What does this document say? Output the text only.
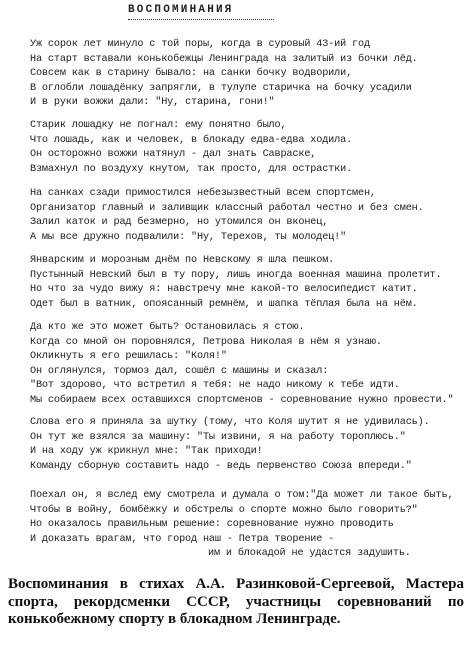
ВОСПОМИНАНИЯ
Уж сорок лет минуло с той поры, когда в суровый 43-ий год
На старт вставали конькобежцы Ленинграда на залитый из бочки лёд.
Совсем как в старину бывало: на санки бочку водворили,
В оглобли лошадёнку запрягли, в тулупе старичка на бочку усадили
И в руки вожжи дали: "Ну, старина, гони!"
Старик лошадку не погнал: ему понятно было,
Что лошадь, как и человек, в блокаду едва-едва ходила.
Он осторожно вожжи натянул - дал знать Савраске,
Взмахнул по воздуху кнутом, так просто, для острастки.
На санках сзади примостился небезызвестный всем спортсмен,
Организатор главный и заливщик классный работал честно и без смен.
Залил каток и рад безмерно, но утомился он вконец,
А мы все дружно подвалили: "Ну, Терехов, ты молодец!"
Январским и морозным днём по Невскому я шла пешком.
Пустынный Невский был в ту пору, лишь иногда военная машина пролетит.
Но что за чудо вижу я: навстречу мне какой-то велосипедист катит.
Одет был в ватник, опоясанный ремнём, и шапка тёплая была на нём.
Да кто же это может быть? Остановилась я стою.
Когда со мной он поровнялся, Петрова Николая в нём я узнаю.
Окликнуть я его решилась: "Коля!"
Он оглянулся, тормоз дал, сошёл с машины и сказал:
"Вот здорово, что встретил я тебя: не надо никому к тебе идти.
Мы собираем всех оставшихся спортсменов - соревнование нужно провести."
Слова его я приняла за шутку (тому, что Коля шутит я не удивилась).
Он тут же взялся за машину: "Ты извини, я на работу тороплюсь."
И на ходу уж крикнул мне: "Так приходи!
Команду сборную составить надо - ведь первенство Союза впереди."
Поехал он, я вслед ему смотрела и думала о том:"Да может ли такое быть,
Чтобы в войну, бомбёжку и обстрелы о спорте можно было говорить?"
Но оказалось правильным решение: соревнование нужно проводить
И доказать врагам, что город наш - Петра творение -
им и блокадой не удастся задушить.
Воспоминания в стихах А.А. Разинковой-Сергеевой, Мастера спорта, рекордсменки СССР, участницы соревнований по конькобежному спорту в блокадном Ленинграде.
